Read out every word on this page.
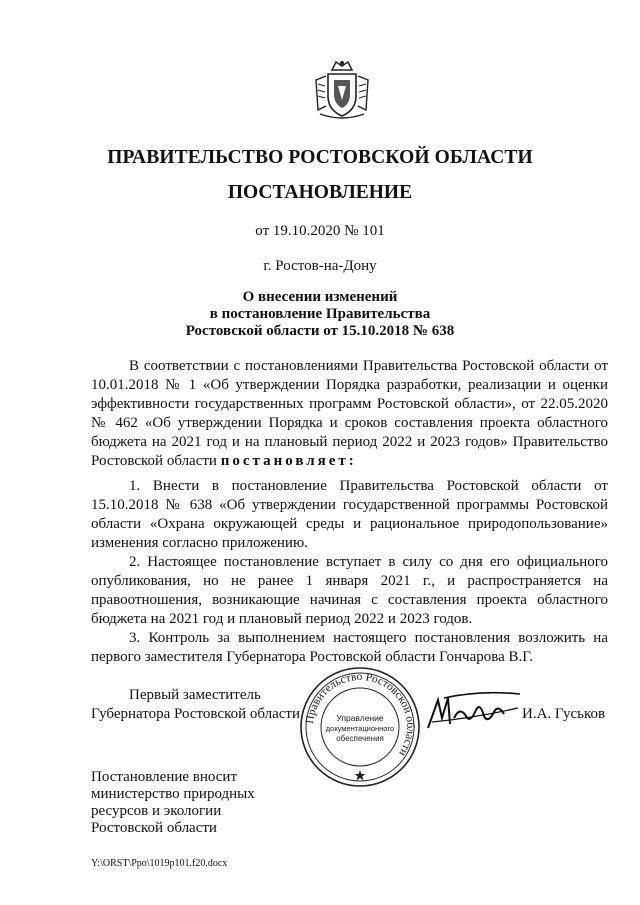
ПРАВИТЕЛЬСТВО РОСТОВСКОЙ ОБЛАСТИ
ПОСТАНОВЛЕНИЕ
от 19.10.2020 № 101
г. Ростов-на-Дону
О внесении изменений
в постановление Правительства
Ростовской области от 15.10.2018 № 638

В соответствии с постановлениями Правительства Ростовской области от 10.01.2018 № 1 «Об утверждении Порядка разработки, реализации и оценки эффективности государственных программ Ростовской области», от 22.05.2020 № 462 «Об утверждении Порядка и сроков составления проекта областного бюджета на 2021 год и на плановый период 2022 и 2023 годов» Правительство Ростовской области постановляет:

1. Внести в постановление Правительства Ростовской области от 15.10.2018 № 638 «Об утверждении государственной программы Ростовской области «Охрана окружающей среды и рациональное природопользование» изменения согласно приложению.

2. Настоящее постановление вступает в силу со дня его официального опубликования, но не ранее 1 января 2021 г., и распространяется на правоотношения, возникающие начиная с составления проекта областного бюджета на 2021 год и плановый период 2022 и 2023 годов.

3. Контроль за выполнением настоящего постановления возложить на первого заместителя Губернатора Ростовской области Гончарова В.Г.

Первый заместитель
Губернатора Ростовской области	И.А. Гуськов
Правительство Ростовской области
Управление
документационного
обеспечения
Постановление вносит
министерство природных
ресурсов и экологии
Ростовской области
Y:\ORST\Ppo\1019p101.f20.docx
